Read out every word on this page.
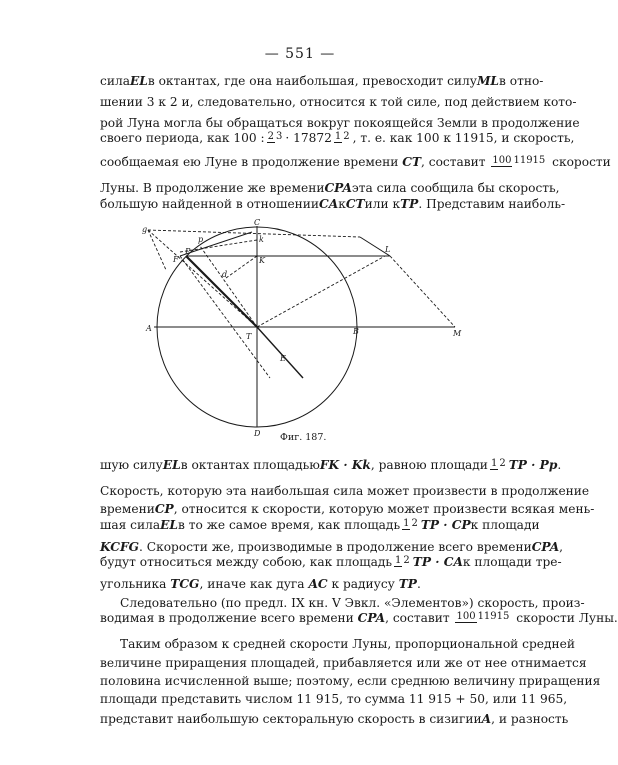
— 551 —
сила EL в октантах, где она наибольшая, превосходит силу ML в отно-
шении 3 к 2 и, следовательно, относится к той силе, под действием кото-
рой Луна могла бы обращаться вокруг покоящейся Земли в продолжение
своего периода, как 100 : 2 3 · 17872 1 2 , т. е. как 100 к 11915, и скорость,
сообщаемая ею Луне в продолжение времени
CT , составит
100 11915
скорости
Луны. В продолжение же времени CPA эта сила сообщила бы скорость,
большую найденной в отношении CA к CT или к TP . Представим наиболь-
g
F
P
p
C
K
k
L
A
T
B
E
M
D
d
Фиг. 187.
шую силу EL в октантах площадью FK · Kk , равною площади 1 2 TP · Pp .
Скорость, которую эта наибольшая сила может произвести в продолжение
времени CP , относится к скорости, которую может произвести всякая мень-
шая сила EL в то же самое время, как площадь 1 2 TP · CP к площади
KCFG . Скорости же, производимые в продолжение всего времени CPA ,
будут относиться между собою, как площадь 1 2 TP · CA к площади тре-
угольника
TCG , иначе как дуга
AC
к радиусу
TP .
Следовательно (по предл. IX кн. V Эвкл. «Элементов») скорость, произ-
водимая в продолжение всего времени
CPA , составит
100 11915
скорости Луны.
Таким образом к средней скорости Луны, пропорциональной средней
величине приращения площадей, прибавляется или же от нее отнимается
половина исчисленной выше; поэтому, если среднюю величину приращения
площади представить числом 11 915, то сумма 11 915 + 50, или 11 965,
представит наибольшую секторальную скорость в сизигии A , и разность
